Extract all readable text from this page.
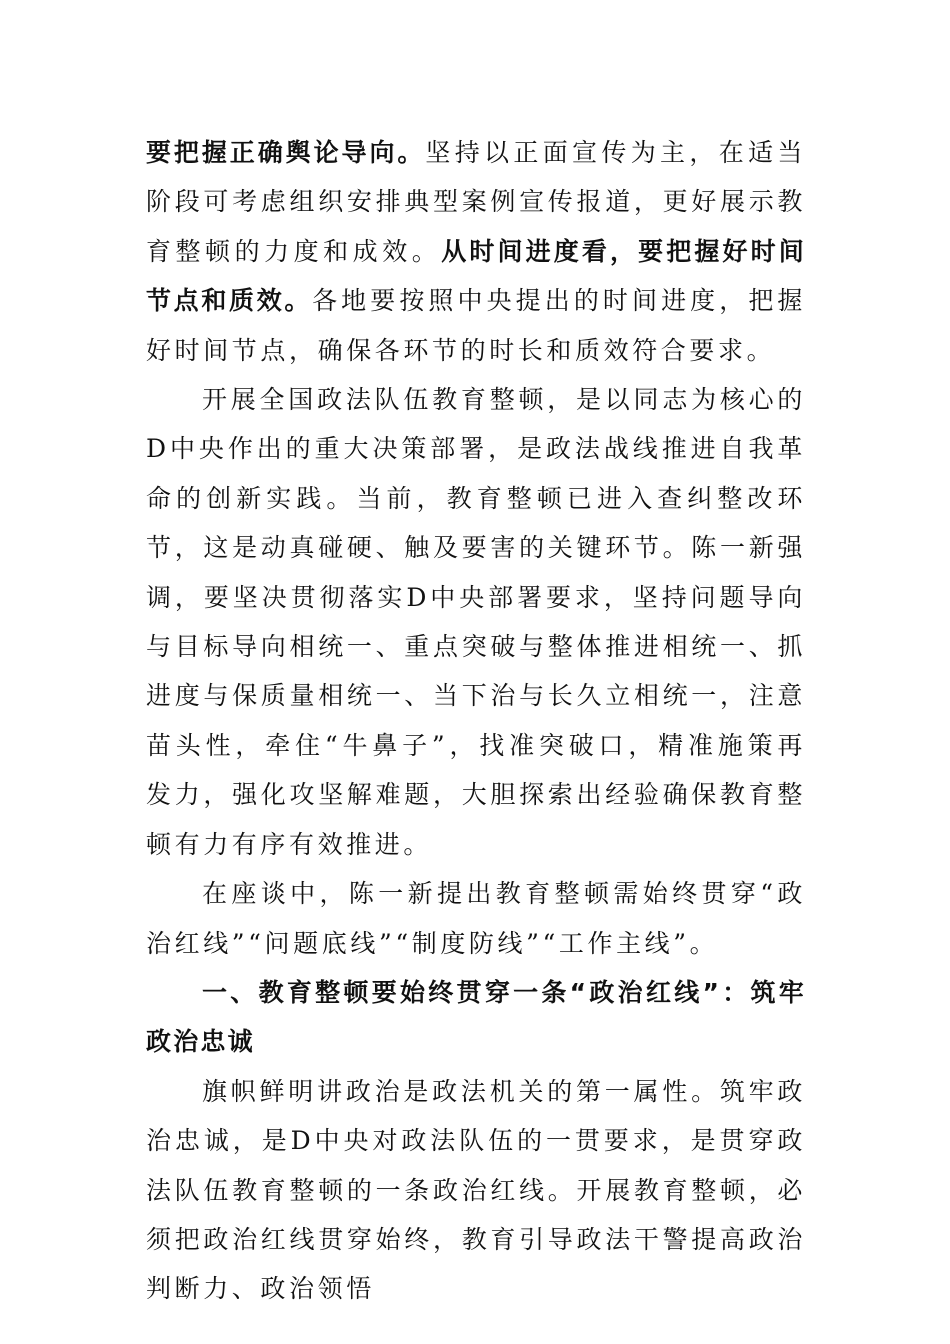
要把握正确舆论导向。坚持以正面宣传为主，在适当阶段可考虑组织安排典型案例宣传报道，更好展示教育整顿的力度和成效。从时间进度看，要把握好时间节点和质效。各地要按照中央提出的时间进度，把握好时间节点，确保各环节的时长和质效符合要求。

开展全国政法队伍教育整顿，是以同志为核心的D中央作出的重大决策部署，是政法战线推进自我革命的创新实践。当前，教育整顿已进入查纠整改环节，这是动真碰硬、触及要害的关键环节。陈一新强调，要坚决贯彻落实D中央部署要求，坚持问题导向与目标导向相统一、重点突破与整体推进相统一、抓进度与保质量相统一、当下治与长久立相统一，注意苗头性，牵住“牛鼻子”，找准突破口，精准施策再发力，强化攻坚解难题，大胆探索出经验确保教育整顿有力有序有效推进。

在座谈中，陈一新提出教育整顿需始终贯穿“政治红线”“问题底线”“制度防线”“工作主线”。

一、教育整顿要始终贯穿一条“政治红线”：筑牢政治忠诚

旗帜鲜明讲政治是政法机关的第一属性。筑牢政治忠诚，是D中央对政法队伍的一贯要求，是贯穿政法队伍教育整顿的一条政治红线。开展教育整顿，必须把政治红线贯穿始终，教育引导政法干警提高政治判断力、政治领悟
